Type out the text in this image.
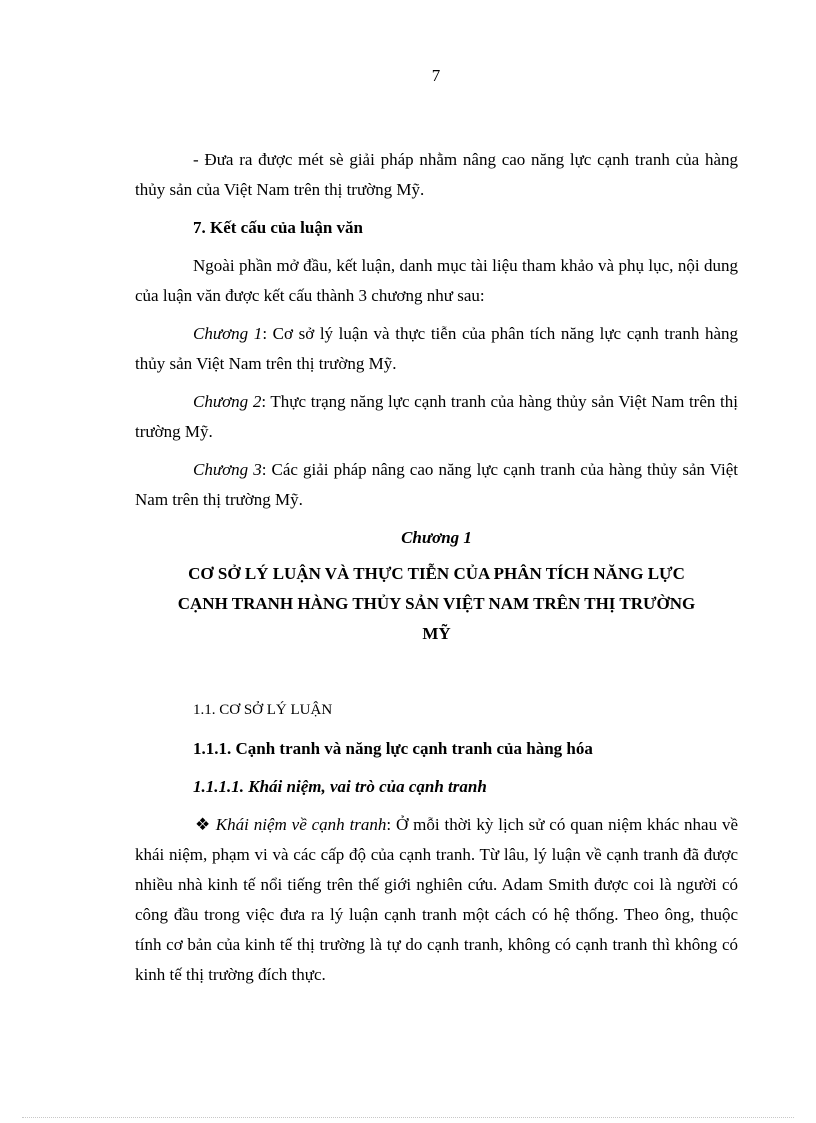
7

- Đưa ra được mét sè giải pháp nhằm nâng cao năng lực cạnh tranh của hàng thủy sản của Việt Nam trên thị trường Mỹ.

7. Kết cấu của luận văn

Ngoài phần mở đầu, kết luận, danh mục tài liệu tham khảo và phụ lục, nội dung của luận văn được kết cấu thành 3 chương như sau:

Chương 1: Cơ sở lý luận và thực tiễn của phân tích năng lực cạnh tranh hàng thủy sản Việt Nam trên thị trường Mỹ.

Chương 2: Thực trạng năng lực cạnh tranh của hàng thủy sản Việt Nam trên thị trường Mỹ.

Chương 3: Các giải pháp nâng cao năng lực cạnh tranh của hàng thủy sản Việt Nam trên thị trường Mỹ.

Chương 1
CƠ SỞ LÝ LUẬN VÀ THỰC TIỄN CỦA PHÂN TÍCH NĂNG LỰC
CẠNH TRANH HÀNG THỦY SẢN VIỆT NAM TRÊN THỊ TRƯỜNG
MỸ

1.1. CƠ SỞ LÝ LUẬN

1.1.1. Cạnh tranh và năng lực cạnh tranh của hàng hóa

1.1.1.1. Khái niệm, vai trò của cạnh tranh

❖ Khái niệm về cạnh tranh: Ở mỗi thời kỳ lịch sử có quan niệm khác nhau về khái niệm, phạm vi và các cấp độ của cạnh tranh. Từ lâu, lý luận về cạnh tranh đã được nhiều nhà kinh tế nổi tiếng trên thế giới nghiên cứu. Adam Smith được coi là người có công đầu trong việc đưa ra lý luận cạnh tranh một cách có hệ thống. Theo ông, thuộc tính cơ bản của kinh tế thị trường là tự do cạnh tranh, không có cạnh tranh thì không có kinh tế thị trường đích thực.
